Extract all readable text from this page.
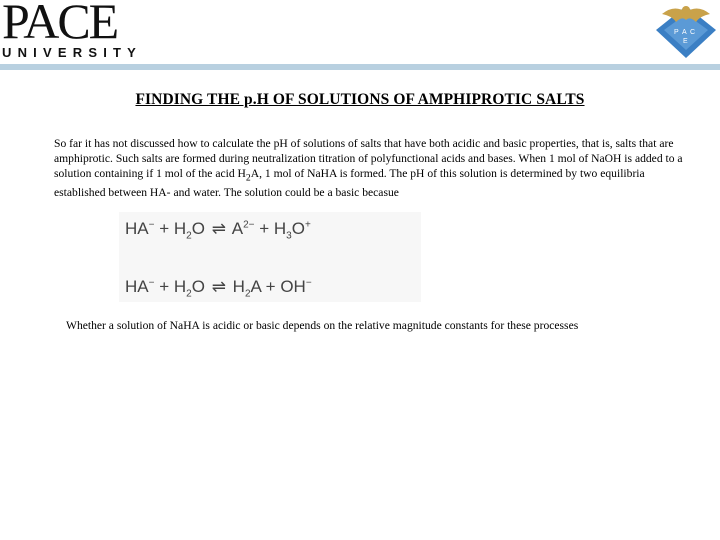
PACE
UNIVERSITY
P A C
E
FINDING THE p.H OF SOLUTIONS OF AMPHIPROTIC SALTS

So far it has not discussed how to calculate the pH of solutions of salts that have both acidic and basic properties, that is, salts that are amphiprotic. Such salts are formed during neutralization titration of polyfunctional acids and bases. When 1 mol of NaOH is added to a solution containing if 1 mol of the acid $H_2A$, 1 mol of NaHA is formed. The pH of this solution is determined by two equilibria established between HA- and water. The solution could be a basic becasue

$HA^- + H_2O$ ⇌ $A^{2-} + H_3O^+$
$HA^- + H_2O$ ⇌ $H_2A + OH^-$

Whether a solution of NaHA is acidic or basic depends on the relative magnitude constants for these processes
